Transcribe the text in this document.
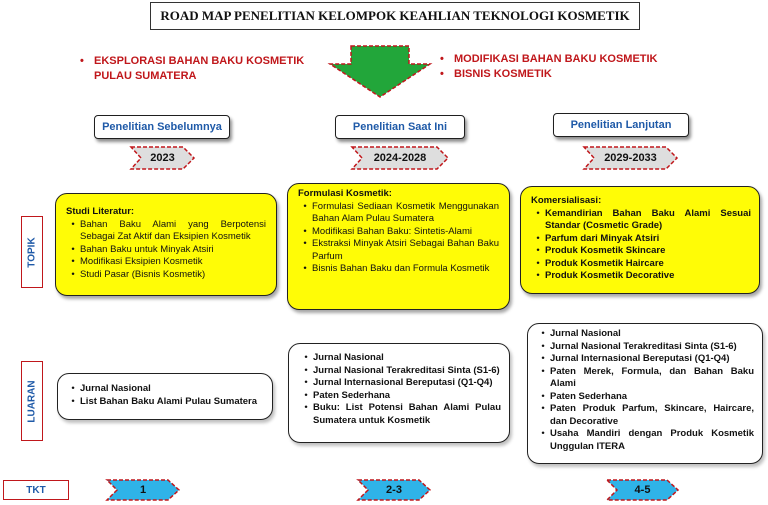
ROAD MAP PENELITIAN KELOMPOK KEAHLIAN TEKNOLOGI KOSMETIK
• EKSPLORASI BAHAN BAKU KOSMETIK PULAU SUMATERA
• MODIFIKASI BAHAN BAKU KOSMETIK
• BISNIS KOSMETIK
Penelitian Sebelumnya	Penelitian Saat Ini	Penelitian Lanjutan
2023	2024-2028	2029-2033
TOPIK
LUARAN
TKT
Studi Literatur:
• Bahan Baku Alami yang Berpotensi Sebagai Zat Aktif dan Eksipien Kosmetik
• Bahan Baku untuk Minyak Atsiri
• Modifikasi Eksipien Kosmetik
• Studi Pasar (Bisnis Kosmetik)
Formulasi Kosmetik:
• Formulasi Sediaan Kosmetik Menggunakan Bahan Alam Pulau Sumatera
• Modifikasi Bahan Baku: Sintetis-Alami
• Ekstraksi Minyak Atsiri Sebagai Bahan Baku Parfum
• Bisnis Bahan Baku dan Formula Kosmetik
Komersialisasi:
• Kemandirian Bahan Baku Alami Sesuai Standar (Cosmetic Grade)
• Parfum dari Minyak Atsiri
• Produk Kosmetik Skincare
• Produk Kosmetik Haircare
• Produk Kosmetik Decorative
• Jurnal Nasional
• List Bahan Baku Alami Pulau Sumatera
• Jurnal Nasional
• Jurnal Nasional Terakreditasi Sinta (S1-6)
• Jurnal Internasional Bereputasi (Q1-Q4)
• Paten Sederhana
• Buku: List Potensi Bahan Alami Pulau Sumatera untuk Kosmetik
• Jurnal Nasional
• Jurnal Nasional Terakreditasi Sinta (S1-6)
• Jurnal Internasional Bereputasi (Q1-Q4)
• Paten Merek, Formula, dan Bahan Baku Alami
• Paten Sederhana
• Paten Produk Parfum, Skincare, Haircare, dan Decorative
• Usaha Mandiri dengan Produk Kosmetik Unggulan ITERA
1	2-3	4-5
